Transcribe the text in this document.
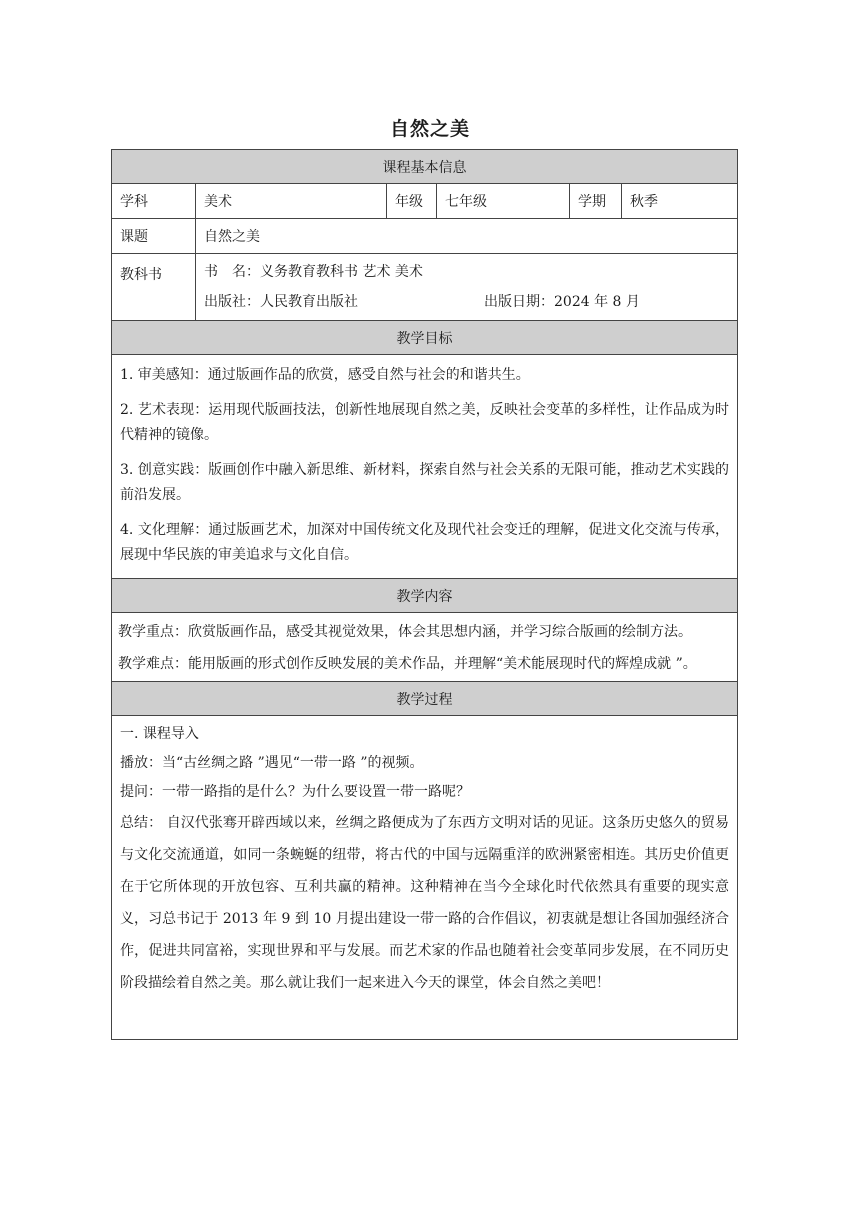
自然之美
课程基本信息					
学科	美术	年级	七年级	学期	秋季
课题	自然之美				
教科书	书　名：义务教育教科书 艺术 美术
出版社：人民教育出版社 出版日期：2024 年 8 月				

教学目标					

1. 审美感知：通过版画作品的欣赏，感受自然与社会的和谐共生。

2. 艺术表现：运用现代版画技法，创新性地展现自然之美，反映社会变革的多样性，让作品成为时代精神的镜像。

3. 创意实践：版画创作中融入新思维、新材料，探索自然与社会关系的无限可能，推动艺术实践的前沿发展。

4. 文化理解：通过版画艺术，加深对中国传统文化及现代社会变迁的理解，促进文化交流与传承，展现中华民族的审美追求与文化自信。					

教学内容					

教学重点：欣赏版画作品，感受其视觉效果，体会其思想内涵，并学习综合版画的绘制方法。

教学难点：能用版画的形式创作反映发展的美术作品，并理解“美术能展现时代的辉煌成就 ”。					

教学过程					

一. 课程导入

播放：当“古丝绸之路 ”遇见“一带一路 ”的视频。

提问：一带一路指的是什么？为什么要设置一带一路呢？

总结： 自汉代张骞开辟西域以来，丝绸之路便成为了东西方文明对话的见证。这条历史悠久的贸易与文化交流通道，如同一条蜿蜒的纽带，将古代的中国与远隔重洋的欧洲紧密相连。其历史价值更在于它所体现的开放包容、互利共赢的精神。这种精神在当今全球化时代依然具有重要的现实意义，习总书记于 2013 年 9 到 10 月提出建设一带一路的合作倡议，初衷就是想让各国加强经济合作，促进共同富裕，实现世界和平与发展。而艺术家的作品也随着社会变革同步发展，在不同历史阶段描绘着自然之美。那么就让我们一起来进入今天的课堂，体会自然之美吧！					
